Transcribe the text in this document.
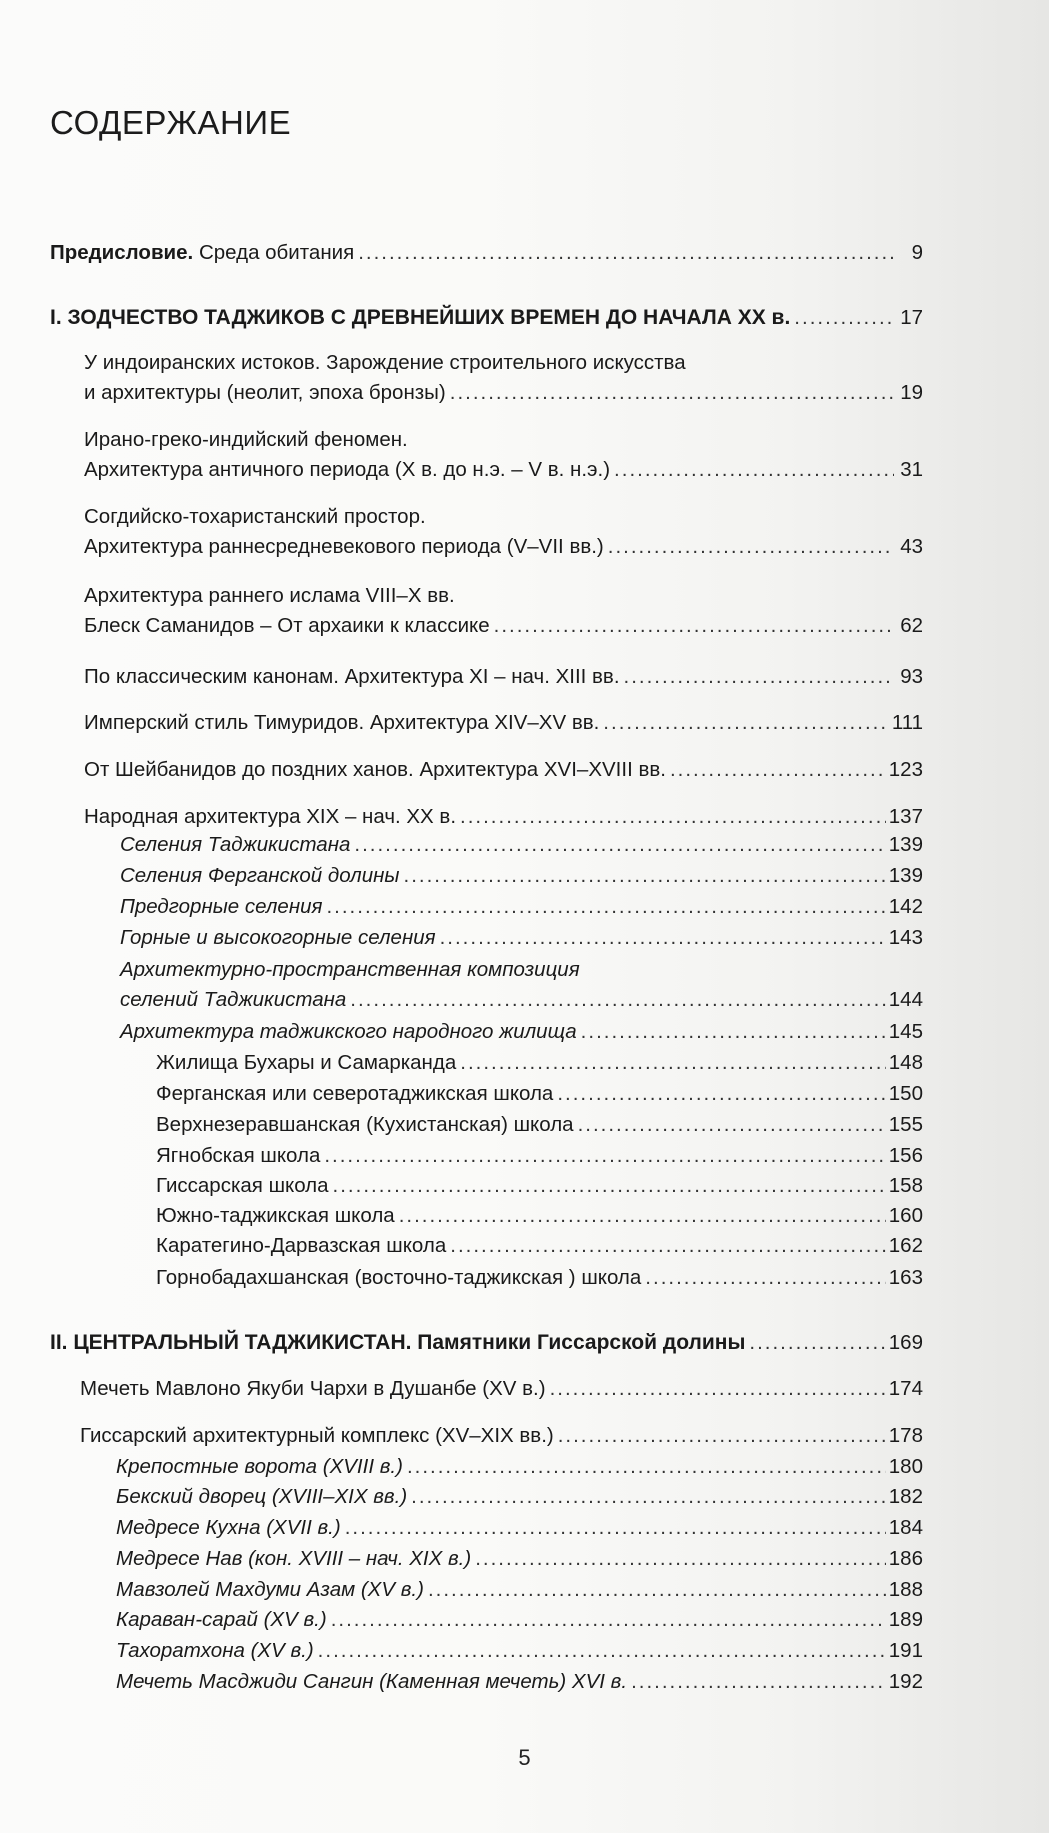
СОДЕРЖАНИЕ
Предисловие. Среда обитания .....	9
I. ЗОДЧЕСТВО ТАДЖИКОВ С ДРЕВНЕЙШИХ ВРЕМЕН ДО НАЧАЛА XX в. .....	17
У индоиранских истоков. Зарождение строительного искусства
и архитектуры (неолит, эпоха бронзы) .....	19
Ирано-греко-индийский феномен.
Архитектура античного периода (X в. до н.э. – V в. н.э.) .....	31
Согдийско-тохаристанский простор.
Архитектура раннесредневекового периода (V–VII вв.) .....	43
Архитектура раннего ислама VIII–X вв.
Блеск Саманидов – От архаики к классике .....	62
По классическим канонам. Архитектура XI – нач. XIII вв. .....	93
Имперский стиль Тимуридов. Архитектура XIV–XV вв. .....	111
От Шейбанидов до поздних ханов. Архитектура XVI–XVIII вв. .....	123
Народная архитектура XIX – нач. XX в. .....	137
Селения Таджикистана .....	139
Селения Ферганской долины .....	139
Предгорные селения .....	142
Горные и высокогорные селения .....	143
Архитектурно-пространственная композиция
селений Таджикистана .....	144
Архитектура таджикского народного жилища .....	145
Жилища Бухары и Самарканда .....	148
Ферганская или северотаджикская школа .....	150
Верхнезеравшанская (Кухистанская) школа .....	155
Ягнобская школа .....	156
Гиссарская школа .....	158
Южно-таджикская школа .....	160
Каратегино-Дарвазская школа .....	162
Горнобадахшанская (восточно-таджикская ) школа .....	163
II. ЦЕНТРАЛЬНЫЙ ТАДЖИКИСТАН. Памятники Гиссарской долины .....	169
Мечеть Мавлоно Якуби Чархи в Душанбе (XV в.) .....	174
Гиссарский архитектурный комплекс (XV–XIX вв.) .....	178
Крепостные ворота (XVIII в.) .....	180
Бекский дворец (XVIII–XIX вв.) .....	182
Медресе Кухна (XVII в.) .....	184
Медресе Нав (кон. XVIII – нач. XIX в.) .....	186
Мавзолей Махдуми Азам (XV в.) .....	188
Караван-сарай (XV в.) .....	189
Тахоратхона (XV в.) .....	191
Мечеть Масджиди Сангин (Каменная мечеть) XVI в. .....	192
5
